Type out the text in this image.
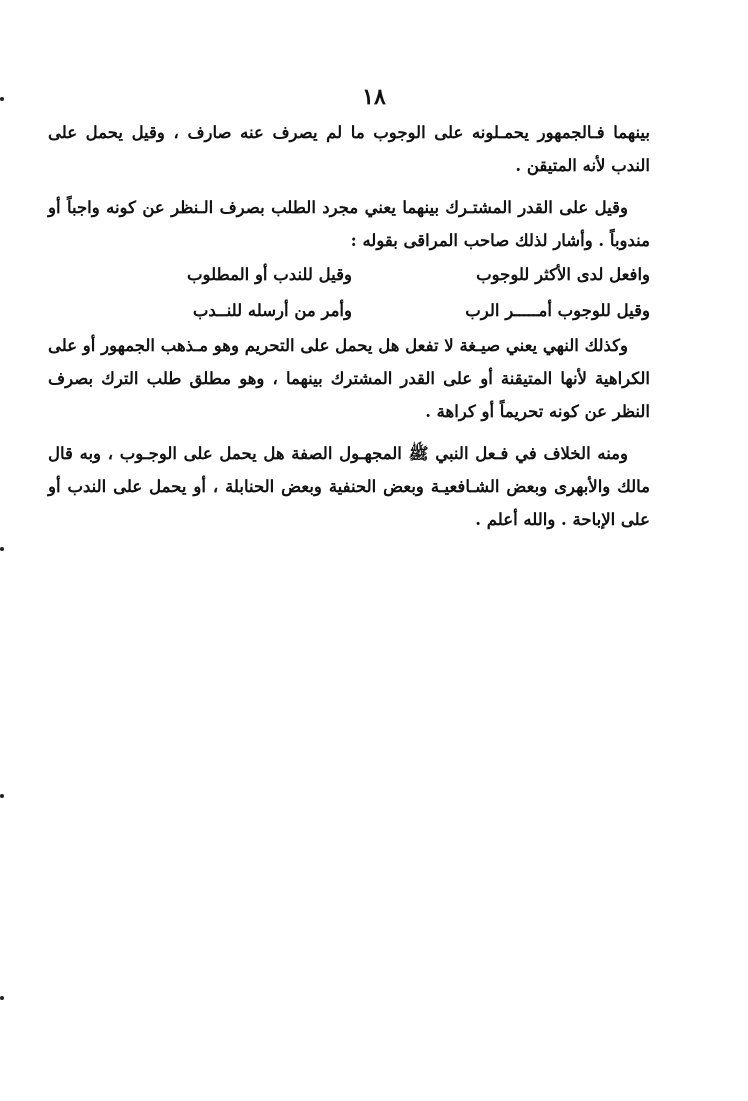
١٨

بينهما فـالجمهور يحمـلونه على الوجوب ما لم يصرف عنه صارف ، وقيل يحمل على الندب لأنه المتيقن .

وقيل على القدر المشتـرك بينهما يعني مجرد الطلب بصرف الـنظر عن كونه واجباً أو مندوباً . وأشار لذلك صاحب المراقى بقوله :

وافعل لدى الأكثر للوجوب
وقيل للندب أو المطلوب
وقيل للوجوب أمـــــر الرب
وأمر من أرسله للنــدب

وكذلك النهي يعني صيـغة لا تفعل هل يحمل على التحريم وهو مـذهب الجمهور أو على الكراهية لأنها المتيقنة أو على القدر المشترك بينهما ، وهو مطلق طلب الترك بصرف النظر عن كونه تحريماً أو كراهة .

ومنه الخلاف في فـعل النبي ﷺ المجهـول الصفة هل يحمل على الوجـوب ، وبه قال مالك والأبهرى وبعض الشـافعيـة وبعض الحنفية وبعض الحنابلة ، أو يحمل على الندب أو على الإباحة . والله أعلم .
